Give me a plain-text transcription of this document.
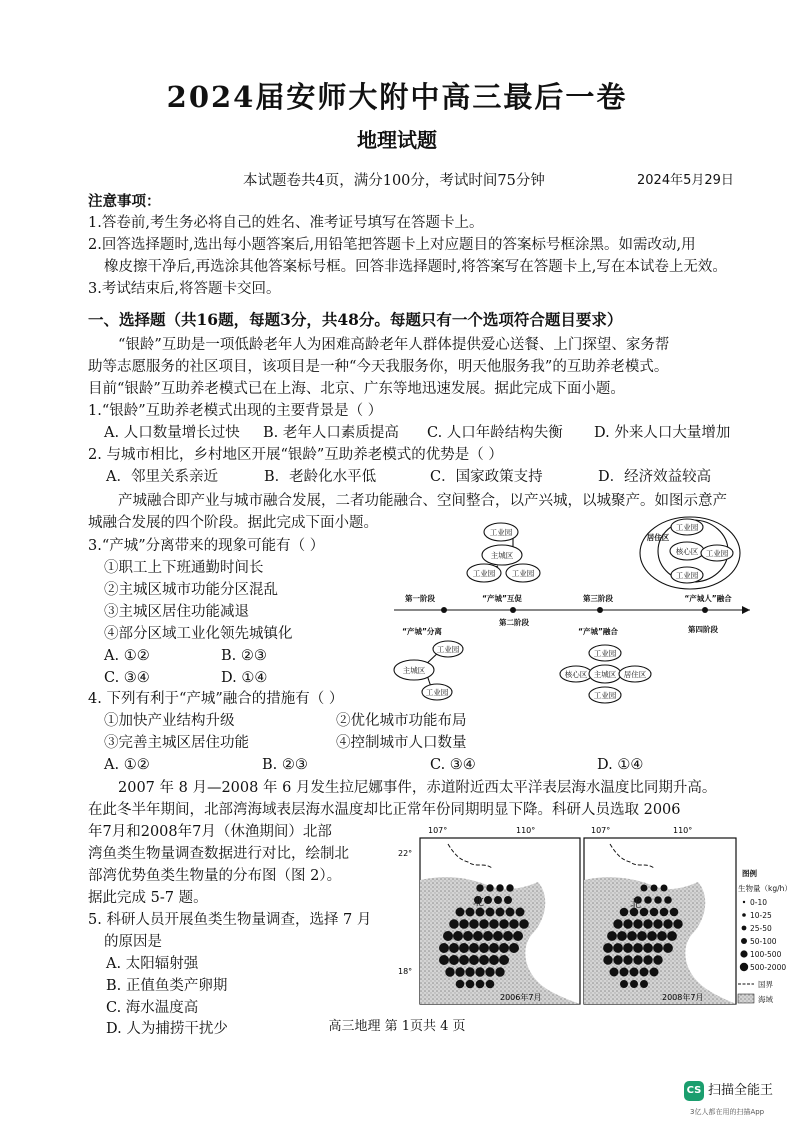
2024届安师大附中高三最后一卷
地理试题
本试题卷共4页，满分100分，考试时间75分钟	2024年5月29日
注意事项：
1.答卷前,考生务必将自己的姓名、准考证号填写在答题卡上。
2.回答选择题时,选出每小题答案后,用铅笔把答题卡上对应题目的答案标号框涂黑。如需改动,用
橡皮擦干净后,再选涂其他答案标号框。回答非选择题时,将答案写在答题卡上,写在本试卷上无效。
3.考试结束后,将答题卡交回。
一、选择题（共16题，每题3分，共48分。每题只有一个选项符合题目要求）
“银龄”互助是一项低龄老年人为困难高龄老年人群体提供爱心送餐、上门探望、家务帮
助等志愿服务的社区项目，该项目是一种“今天我服务你，明天他服务我”的互助养老模式。
目前“银龄”互助养老模式已在上海、北京、广东等地迅速发展。据此完成下面小题。
1.“银龄”互助养老模式出现的主要背景是（ ）
A. 人口数量增长过快 B. 老年人口素质提高 C. 人口年龄结构失衡 D. 外来人口大量增加
2. 与城市相比，乡村地区开展“银龄”互助养老模式的优势是（ ）
A．邻里关系亲近	B．老龄化水平低	C．国家政策支持	D．经济效益较高
产城融合即产业与城市融合发展，二者功能融合、空间整合，以产兴城，以城聚产。如图示意产
城融合发展的四个阶段。据此完成下面小题。
3.“产城”分离带来的现象可能有（ ）
①职工上下班通勤时间长
②主城区城市功能分区混乱
③主城区居住功能减退
④部分区域工业化领先城镇化
A. ①②	B. ②③
C. ③④	D. ①④
工业园
主城区
工业园 工业园
工业园
核心区 工业园
工业园
主城区
工业园
工业园
核心区
工业园
主城区
工业园
居住区
居住区
第一阶段	“产城”互促	第三阶段	“产城人”融合
第二阶段
第四阶段
“产城”分离	“产城”融合
4. 下列有利于“产城”融合的措施有（ ）
①加快产业结构升级	②优化城市功能布局
③完善主城区居住功能	④控制城市人口数量
A. ①②	B. ②③	C. ③④	D. ①④
2007 年 8 月—2008 年 6 月发生拉尼娜事件，赤道附近西太平洋表层海水温度比同期升高。
在此冬半年期间，北部湾海域表层海水温度却比正常年份同期明显下降。科研人员选取 2006
年7月和2008年7月（休渔期间）北部
湾鱼类生物量调查数据进行对比，绘制北
部湾优势鱼类生物量的分布图（图 2）。
据此完成 5-7 题。
5. 科研人员开展鱼类生物量调查，选择 7 月
的原因是
A. 太阳辐射强
B. 正值鱼类产卵期
C. 海水温度高
D. 人为捕捞干扰少
北
107°	110°
22°
18°
2006年7月
北
107°	110°
2008年7月
图例
生物量（kg/h）
0-10
10-25
25-50
50-100
100-500
500-2000
国界
海域
高三地理 第 1页共 4 页
CS 扫描全能王
3亿人都在用的扫描App
